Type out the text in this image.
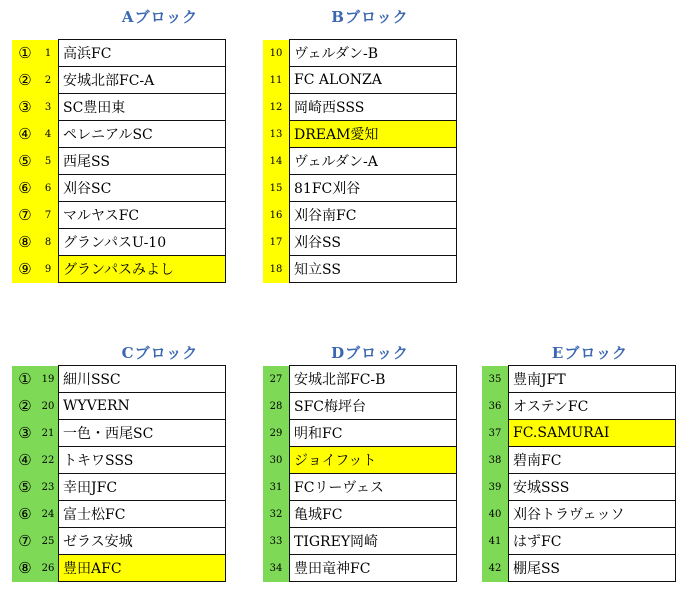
Aブロック
①	1	高浜FC
②	2	安城北部FC-A
③	3	SC豊田東
④	4	ペレニアルSC
⑤	5	西尾SS
⑥	6	刈谷SC
⑦	7	マルヤスFC
⑧	8	グランパスU-10
⑨	9	グランパスみよし
Bブロック
10	ヴェルダン-B
11	FC ALONZA
12	岡崎西SSS
13	DREAM愛知
14	ヴェルダン-A
15	81FC刈谷
16	刈谷南FC
17	刈谷SS
18	知立SS
Cブロック
①	19	細川SSC
②	20	WYVERN
③	21	一色・西尾SC
④	22	トキワSSS
⑤	23	幸田JFC
⑥	24	富士松FC
⑦	25	ゼラス安城
⑧	26	豊田AFC
Dブロック
27	安城北部FC-B
28	SFC梅坪台
29	明和FC
30	ジョイフット
31	FCリーヴェス
32	亀城FC
33	TIGREY岡崎
34	豊田竜神FC
Eブロック
35	豊南JFT
36	オステンFC
37	FC.SAMURAI
38	碧南FC
39	安城SSS
40	刈谷トラヴェッソ
41	はずFC
42	棚尾SS
